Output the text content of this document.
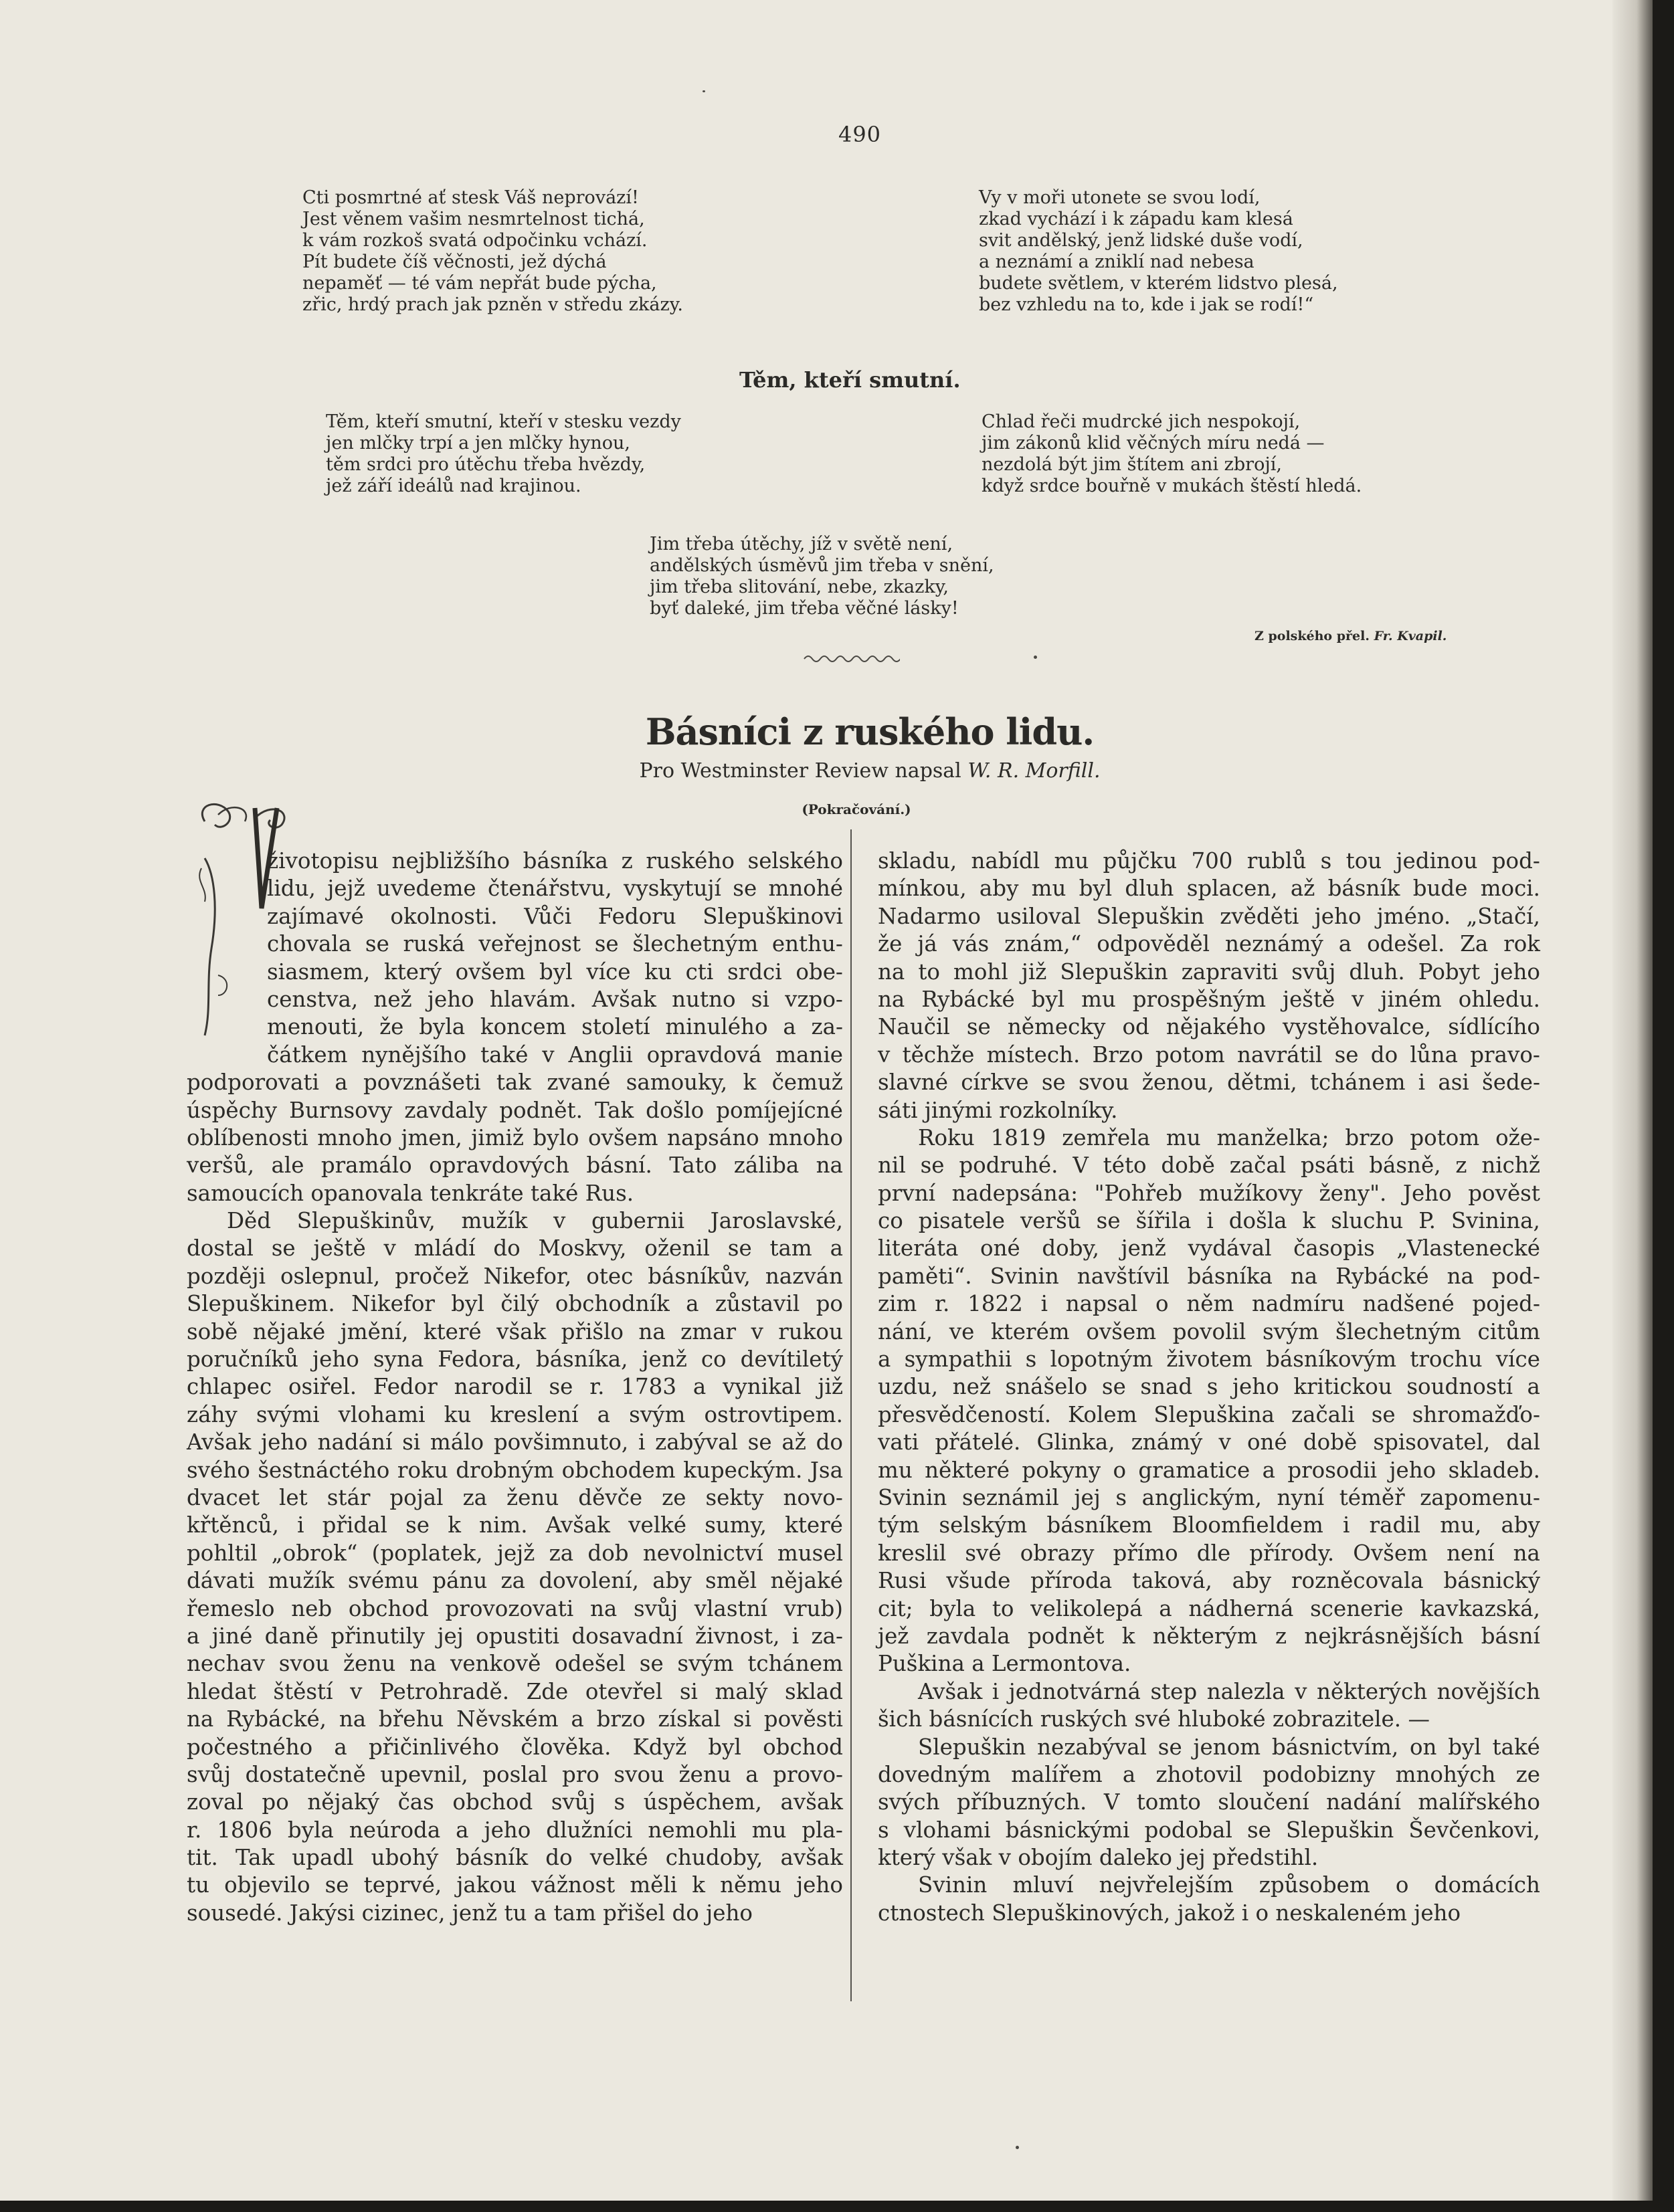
490
Cti posmrtné ať stesk Váš neprovází!
Jest věnem vašim nesmrtelnost tichá,
k vám rozkoš svatá odpočinku vchází.
Pít budete číš věčnosti, jež dýchá
nepaměť — té vám nepřát bude pýcha,
zřic, hrdý prach jak pzněn v středu zkázy.
Vy v moři utonete se svou lodí,
zkad vychází i k západu kam klesá
svit andělský, jenž lidské duše vodí,
a neznámí a zniklí nad nebesa
budete světlem, v kterém lidstvo plesá,
bez vzhledu na to, kde i jak se rodí!“
Těm, kteří smutní.
Těm, kteří smutní, kteří v stesku vezdy
jen mlčky trpí a jen mlčky hynou,
těm srdci pro útěchu třeba hvězdy,
jež září ideálů nad krajinou.
Chlad řeči mudrcké jich nespokojí,
jim zákonů klid věčných míru nedá —
nezdolá být jim štítem ani zbrojí,
když srdce bouřně v mukách štěstí hledá.
Jim třeba útěchy, jíž v světě není,
andělských úsměvů jim třeba v snění,
jim třeba slitování, nebe, zkazky,
byť daleké, jim třeba věčné lásky!
Z polského přel. Fr. Kvapil.
Básníci z ruského lidu.
Pro Westminster Review napsal W. R. Morfill.
(Pokračování.)
životopisu nejbližšího básníka z ruského selského
lidu, jejž uvedeme čtenářstvu, vyskytují se mnohé
zajímavé okolnosti. Vůči Fedoru Slepuškinovi
chovala se ruská veřejnost se šlechetným enthu-
siasmem, který ovšem byl více ku cti srdci obe-
censtva, než jeho hlavám. Avšak nutno si vzpo-
menouti, že byla koncem století minulého a za-
čátkem nynějšího také v Anglii opravdová manie
podporovati a povznášeti tak zvané samouky, k čemuž
úspěchy Burnsovy zavdaly podnět. Tak došlo pomíjejícné
oblíbenosti mnoho jmen, jimiž bylo ovšem napsáno mnoho
veršů, ale pramálo opravdových básní. Tato záliba na
samoucích opanovala tenkráte také Rus.
Děd Slepuškinův, mužík v gubernii Jaroslavské,
dostal se ještě v mládí do Moskvy, oženil se tam a
později oslepnul, pročež Nikefor, otec básníkův, nazván
Slepuškinem. Nikefor byl čilý obchodník a zůstavil po
sobě nějaké jmění, které však přišlo na zmar v rukou
poručníků jeho syna Fedora, básníka, jenž co devítiletý
chlapec osiřel. Fedor narodil se r. 1783 a vynikal již
záhy svými vlohami ku kreslení a svým ostrovtipem.
Avšak jeho nadání si málo povšimnuto, i zabýval se až do
svého šestnáctého roku drobným obchodem kupeckým. Jsa
dvacet let stár pojal za ženu děvče ze sekty novo-
křtěnců, i přidal se k nim. Avšak velké sumy, které
pohltil „obrok“ (poplatek, jejž za dob nevolnictví musel
dávati mužík svému pánu za dovolení, aby směl nějaké
řemeslo neb obchod provozovati na svůj vlastní vrub)
a jiné daně přinutily jej opustiti dosavadní živnost, i za-
nechav svou ženu na venkově odešel se svým tchánem
hledat štěstí v Petrohradě. Zde otevřel si malý sklad
na Rybácké, na břehu Něvském a brzo získal si pověsti
počestného a přičinlivého člověka. Když byl obchod
svůj dostatečně upevnil, poslal pro svou ženu a provo-
zoval po nějaký čas obchod svůj s úspěchem, avšak
r. 1806 byla neúroda a jeho dlužníci nemohli mu pla-
tit. Tak upadl ubohý básník do velké chudoby, avšak
tu objevilo se teprvé, jakou vážnost měli k němu jeho
sousedé. Jakýsi cizinec, jenž tu a tam přišel do jeho
skladu, nabídl mu půjčku 700 rublů s tou jedinou pod-
mínkou, aby mu byl dluh splacen, až básník bude moci.
Nadarmo usiloval Slepuškin zvěděti jeho jméno. „Stačí,
že já vás znám,“ odpověděl neznámý a odešel. Za rok
na to mohl již Slepuškin zapraviti svůj dluh. Pobyt jeho
na Rybácké byl mu prospěšným ještě v jiném ohledu.
Naučil se německy od nějakého vystěhovalce, sídlícího
v těchže místech. Brzo potom navrátil se do lůna pravo-
slavné církve se svou ženou, dětmi, tchánem i asi šede-
sáti jinými rozkolníky.
Roku 1819 zemřela mu manželka; brzo potom ože-
nil se podruhé. V této době začal psáti básně, z nichž
první nadepsána: "Pohřeb mužíkovy ženy". Jeho pověst
co pisatele veršů se šířila i došla k sluchu P. Svinina,
literáta oné doby, jenž vydával časopis „Vlastenecké
paměti“. Svinin navštívil básníka na Rybácké na pod-
zim r. 1822 i napsal o něm nadmíru nadšené pojed-
nání, ve kterém ovšem povolil svým šlechetným citům
a sympathii s lopotným životem básníkovým trochu více
uzdu, než snášelo se snad s jeho kritickou soudností a
přesvědčeností. Kolem Slepuškina začali se shromažďo-
vati přátelé. Glinka, známý v oné době spisovatel, dal
mu některé pokyny o gramatice a prosodii jeho skladeb.
Svinin seznámil jej s anglickým, nyní téměř zapomenu-
tým selským básníkem Bloomfieldem i radil mu, aby
kreslil své obrazy přímo dle přírody. Ovšem není na
Rusi všude příroda taková, aby rozněcovala básnický
cit; byla to velikolepá a nádherná scenerie kavkazská,
jež zavdala podnět k některým z nejkrásnějších básní
Puškina a Lermontova.
Avšak i jednotvárná step nalezla v některých novějších
šich básnících ruských své hluboké zobrazitele. —
Slepuškin nezabýval se jenom básnictvím, on byl také
dovedným malířem a zhotovil podobizny mnohých ze
svých příbuzných. V tomto sloučení nadání malířského
s vlohami básnickými podobal se Slepuškin Ševčenkovi,
který však v obojím daleko jej předstihl.
Svinin mluví nejvřelejším způsobem o domácích
ctnostech Slepuškinových, jakož i o neskaleném jeho
